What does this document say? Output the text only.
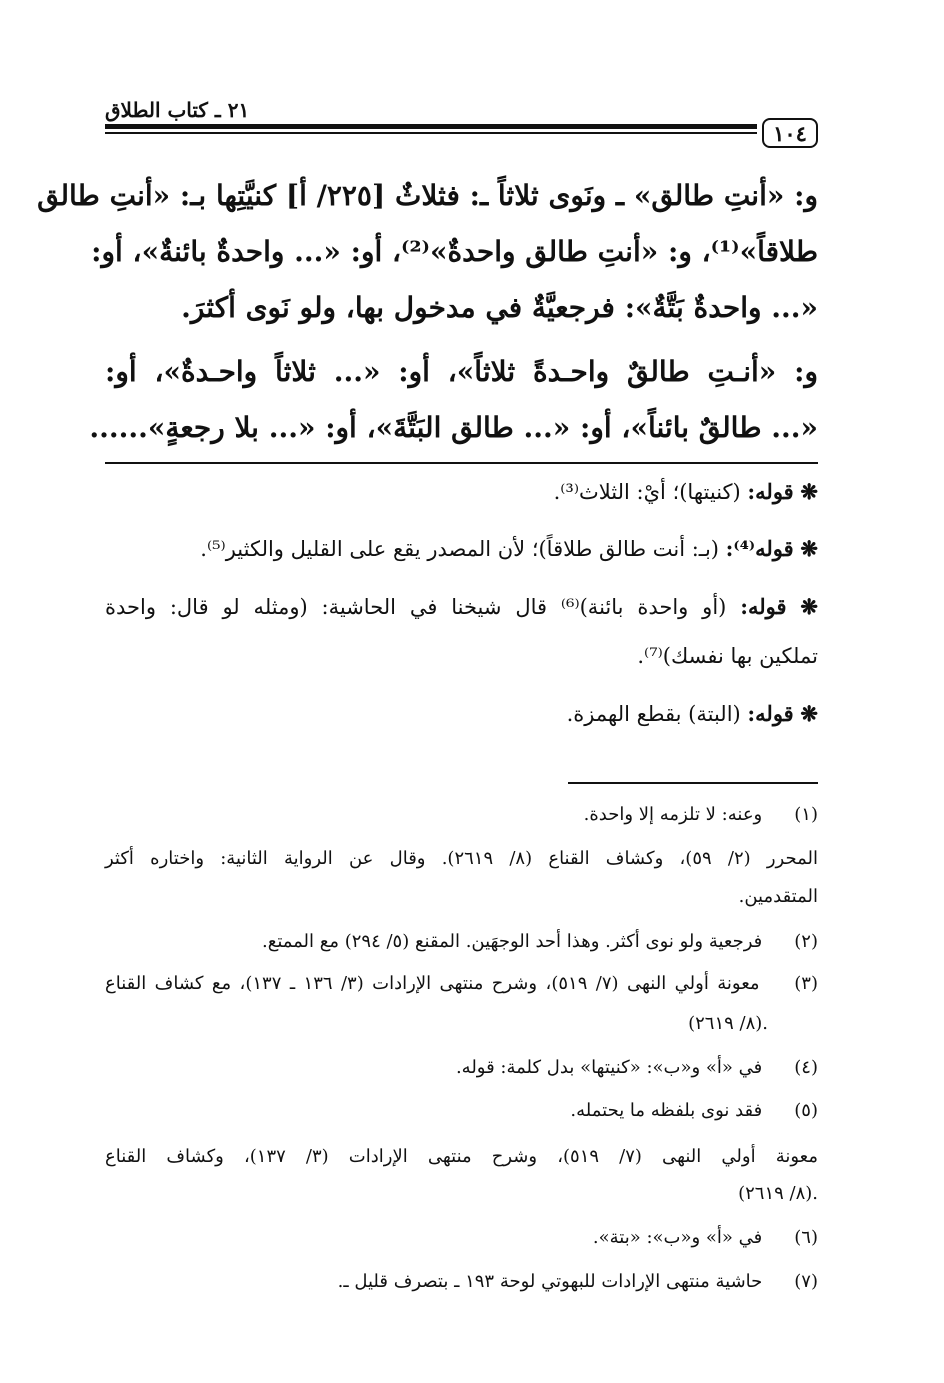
٢١ ـ كتاب الطلاق
١٠٤
و: «أنتِ طالق» ـ ونَوى ثلاثاً ـ: فثلاثٌ [٢٢٥/ أ] كنيَّتِها بـ: «أنتِ طالق
طلاقاً»⁽¹⁾، و: «أنتِ طالق واحدةٌ»⁽²⁾، أو: «... واحدةٌ بائنةٌ»، أو:
«... واحدةٌ بَتَّةٌ»: فرجعيَّةٌ في مدخول بها، ولو نَوى أكثرَ.
و: «أنـتِ طالقٌ واحـدةً ثلاثاً»، أو: «... ثلاثاً واحـدةٌ»، أو:
«... طالقٌ بائناً»، أو: «... طالق البَتَّةَ»، أو: «... بلا رجعةٍ»......
❋ قوله: (كنيتها)؛ أيْ: الثلاث⁽³⁾.
❋ قوله⁽⁴⁾: (بـ: أنت طالق طلاقاً)؛ لأن المصدر يقع على القليل والكثير⁽⁵⁾.
❋ قوله: (أو واحدة بائنة)⁽⁶⁾ قال شيخنا في الحاشية: (ومثله لو قال: واحدة
تملكين بها نفسك)⁽⁷⁾.
❋ قوله: (البتة) بقطع الهمزة.
(١) وعنه: لا تلزمه إلا واحدة.
المحرر (٢/ ٥٩)، وكشاف القناع (٨/ ٢٦١٩). وقال عن الرواية الثانية: واختاره أكثر
المتقدمين.
(٢) فرجعية ولو نوى أكثر. وهذا أحد الوجهَين. المقنع (٥/ ٢٩٤) مع الممتع.
(٣) معونة أولي النهى (٧/ ٥١٩)، وشرح منتهى الإرادات (٣/ ١٣٦ ـ ١٣٧)، مع كشاف القناع
(٨/ ٢٦١٩).
(٤) في «أ» و«ب»: «كنيتها» بدل كلمة: قوله.
(٥) فقد نوى بلفظه ما يحتمله.
معونة أولي النهى (٧/ ٥١٩)، وشرح منتهى الإرادات (٣/ ١٣٧)، وكشاف القناع
(٨/ ٢٦١٩).
(٦) في «أ» و«ب»: «بتة».
(٧) حاشية منتهى الإرادات للبهوتي لوحة ١٩٣ ـ بتصرف قليل ـ.
